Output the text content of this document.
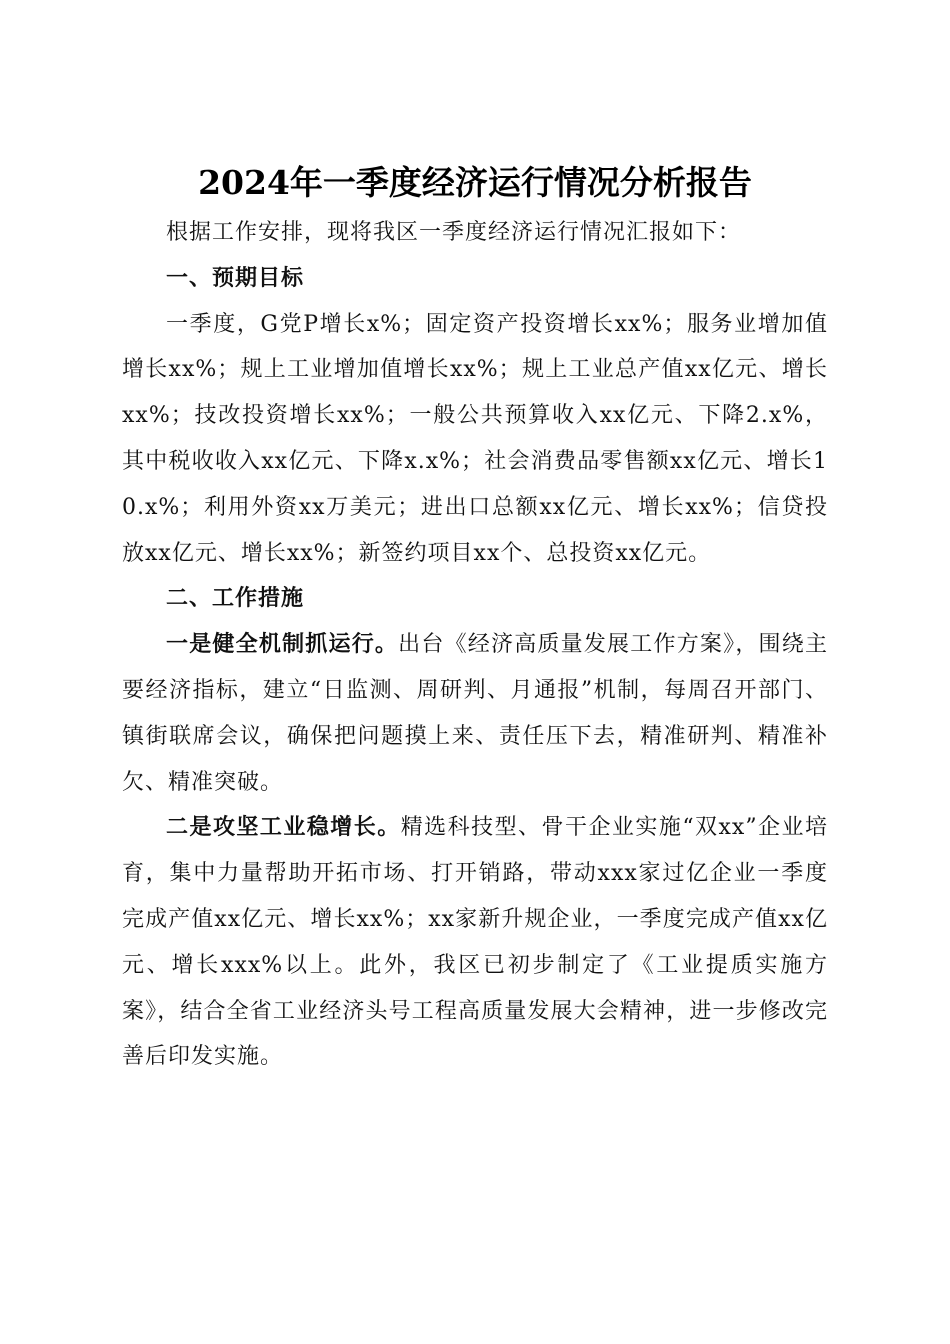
2024年一季度经济运行情况分析报告

根据工作安排，现将我区一季度经济运行情况汇报如下：

一、预期目标

一季度，G党P增长x%；固定资产投资增长xx%；服务业增加值增长xx%；规上工业增加值增长xx%；规上工业总产值xx亿元、增长xx%；技改投资增长xx%；一般公共预算收入xx亿元、下降2.x%，其中税收收入xx亿元、下降x.x%；社会消费品零售额xx亿元、增长10.x%；利用外资xx万美元；进出口总额xx亿元、增长xx%；信贷投放xx亿元、增长xx%；新签约项目xx个、总投资xx亿元。

二、工作措施

一是健全机制抓运行。出台《经济高质量发展工作方案》，围绕主要经济指标，建立“日监测、周研判、月通报”机制，每周召开部门、镇街联席会议，确保把问题摸上来、责任压下去，精准研判、精准补欠、精准突破。

二是攻坚工业稳增长。精选科技型、骨干企业实施“双xx”企业培育，集中力量帮助开拓市场、打开销路，带动xxx家过亿企业一季度完成产值xx亿元、增长xx%；xx家新升规企业，一季度完成产值xx亿元、增长xxx%以上。此外，我区已初步制定了《工业提质实施方案》，结合全省工业经济头号工程高质量发展大会精神，进一步修改完善后印发实施。
